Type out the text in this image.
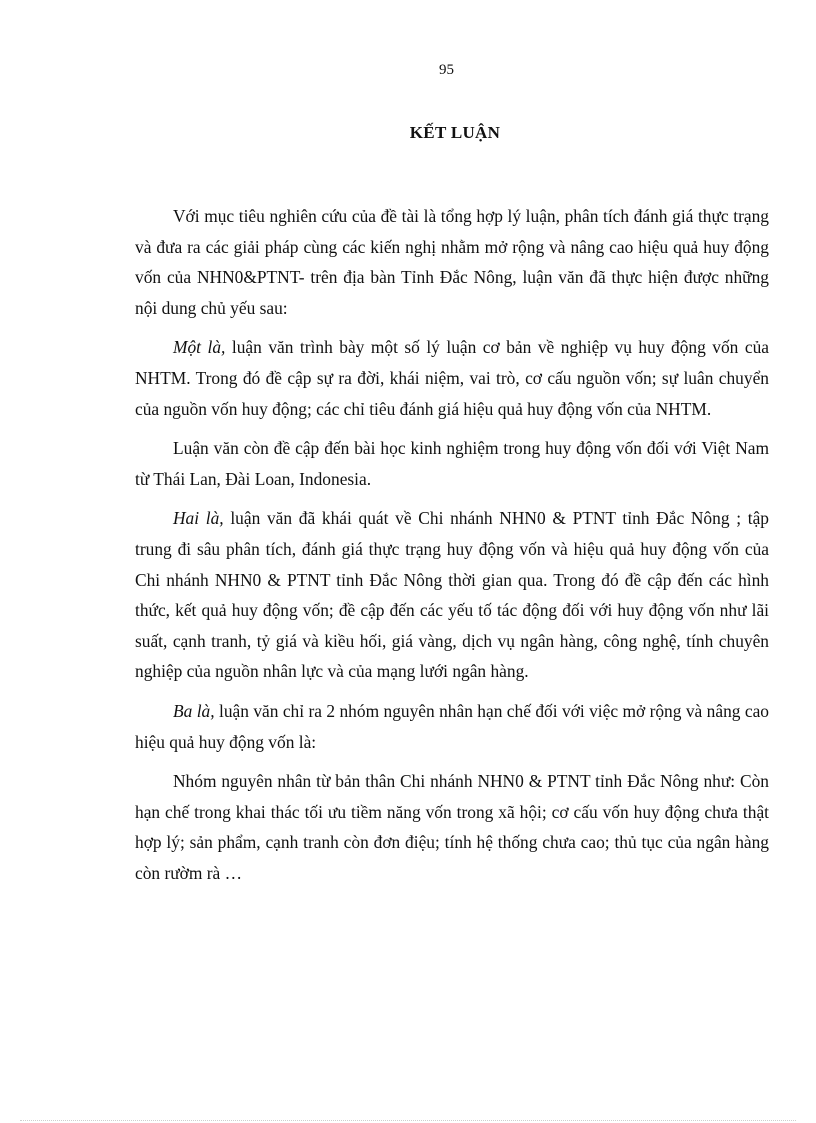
95
KẾT LUẬN

Với mục tiêu nghiên cứu của đề tài là tổng hợp lý luận, phân tích đánh giá thực trạng và đưa ra các giải pháp cùng các kiến nghị nhằm mở rộng và nâng cao hiệu quả huy động vốn của NHN0&PTNT- trên địa bàn Tỉnh Đắc Nông, luận văn đã thực hiện được những nội dung chủ yếu sau:

Một là, luận văn trình bày một số lý luận cơ bản về nghiệp vụ huy động vốn của NHTM. Trong đó đề cập sự ra đời, khái niệm, vai trò, cơ cấu nguồn vốn; sự luân chuyển của nguồn vốn huy động; các chỉ tiêu đánh giá hiệu quả huy động vốn của NHTM.

Luận văn còn đề cập đến bài học kinh nghiệm trong huy động vốn đối với Việt Nam từ Thái Lan, Đài Loan, Indonesia.

Hai là, luận văn đã khái quát về Chi nhánh NHN0 & PTNT tỉnh Đắc Nông ; tập trung đi sâu phân tích, đánh giá thực trạng huy động vốn và hiệu quả huy động vốn của Chi nhánh NHN0 & PTNT tỉnh Đắc Nông thời gian qua. Trong đó đề cập đến các hình thức, kết quả huy động vốn; đề cập đến các yếu tố tác động đối với huy động vốn như lãi suất, cạnh tranh, tỷ giá và kiều hối, giá vàng, dịch vụ ngân hàng, công nghệ, tính chuyên nghiệp của nguồn nhân lực và của mạng lưới ngân hàng.

Ba là, luận văn chỉ ra 2 nhóm nguyên nhân hạn chế đối với việc mở rộng và nâng cao hiệu quả huy động vốn là:

Nhóm nguyên nhân từ bản thân Chi nhánh NHN0 & PTNT tỉnh Đắc Nông như: Còn hạn chế trong khai thác tối ưu tiềm năng vốn trong xã hội; cơ cấu vốn huy động chưa thật hợp lý; sản phẩm, cạnh tranh còn đơn điệu; tính hệ thống chưa cao; thủ tục của ngân hàng còn rườm rà …
